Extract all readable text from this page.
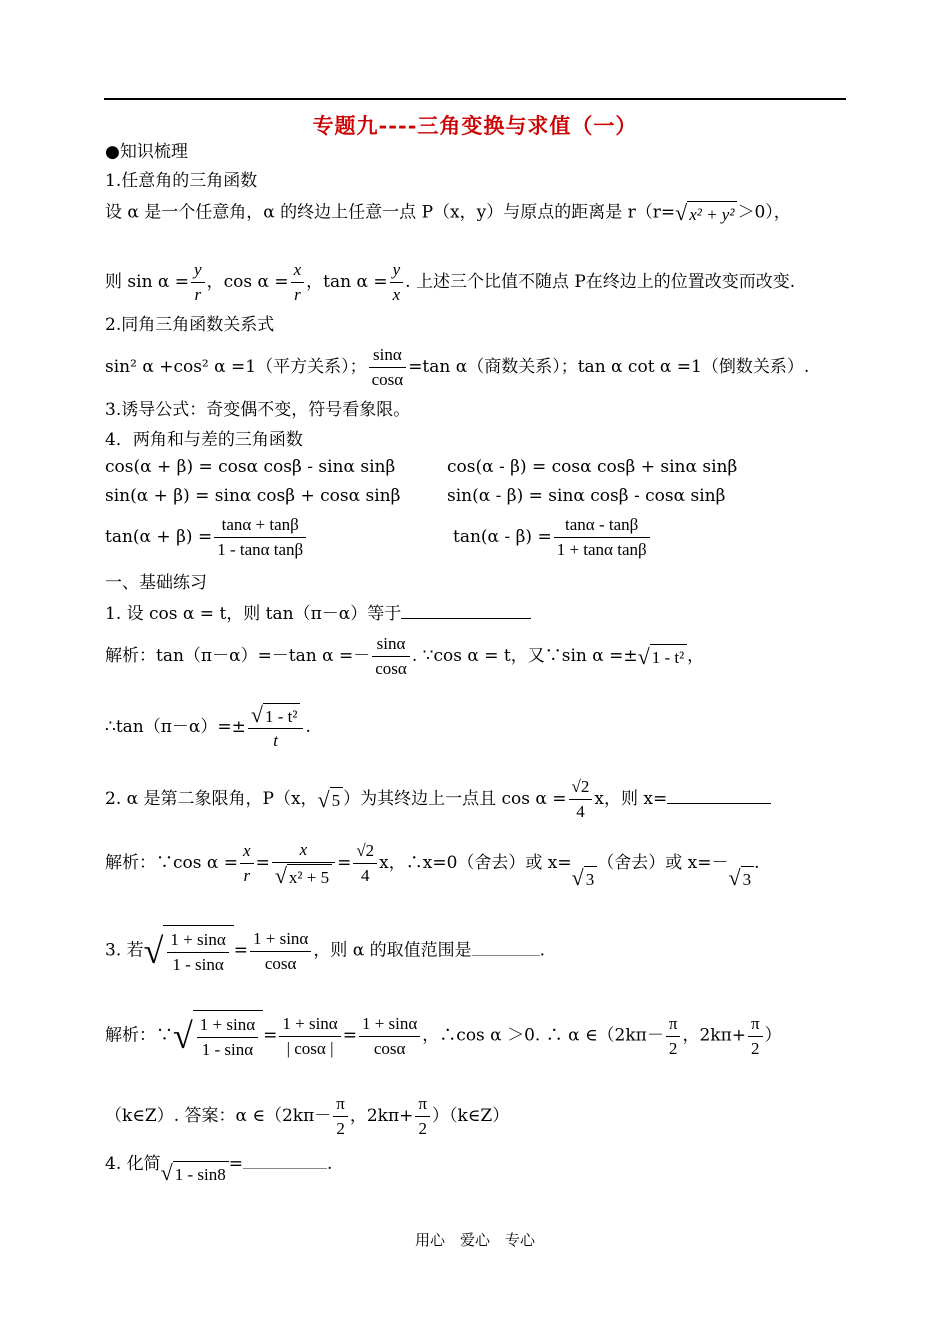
专题九----三角变换与求值（一）
●知识梳理
1.任意角的三角函数
设 α 是一个任意角，α 的终边上任意一点 P（x，y）与原点的距离是 r（r=√ x² + y² ＞0），
则 $\sin \alpha = \frac{y}{r}$ ，$\cos \alpha = \frac{x}{r}$ ，$\tan \alpha = \frac{y}{x}$ . 上述三个比值不随点 P在终边上的位置改变而改变.
2.同角三角函数关系式
sin² α +cos² α =1（平方关系）； $\frac{\sin\alpha}{\cos\alpha} =\tan$ α（商数关系）；tan α cot α =1（倒数关系）.
3.诱导公式：奇变偶不变，符号看象限。
4．两角和与差的三角函数
cos(α + β) = cosα cosβ - sinα sinβ	cos(α - β) = cosα cosβ + sinα sinβ
sin(α + β) = sinα cosβ + cosα sinβ	sin(α - β) = sinα cosβ - cosα sinβ
$\tan(\alpha + \beta) = \frac{\tan\alpha + \tan\beta}{\text{1 - tanα tanβ}}$	$\tan(\alpha - \beta) = \frac{\tan\alpha - \tan\beta}{\text{1 + tanα tanβ}}$
一、基础练习
1. 设 cos α = t，则 tan（π－α）等于
解析：tan（π－α）=－tan $\alpha =- \frac{\sin\alpha}{\cos\alpha}$ . ∵cos α = t，又∵sin α =±√ 1 - t² ，
∴tan（π－α）=± $\frac{\text{√ 1 - t²}}{t}$ .
2. α 是第二象限角，P（x，√ 5 ）为其终边上一点且 $\cos \alpha = \frac{√2}{4}$ x，则 x=
解析：∵cos $\alpha = \frac{x}{r} = \frac{x}{\text{√ x² + 5}} = \frac{√2}{4}$ x，∴x=0（舍去）或 x=√ 3（舍去）或 x=－√ 3.
3. 若√ $\frac{1 + \sin\alpha}{1 - \sin\alpha} = \frac{1 + \sin\alpha}{\cos\alpha}$ ，则 α 的取值范围是	.
解析：∵√ $\frac{1 + \sin\alpha}{1 - \sin\alpha} = \frac{1 + \sin\alpha}{| \cos\alpha |} = \frac{1 + \sin\alpha}{\cos\alpha}$ ，∴cos α ＞0. ∴ α ∈（2kπ－ $\frac{\pi}{2}$ ，$2k\pi+ \frac{\pi}{2}$ ）
（k∈Z）. 答案：α ∈（2kπ－ $\frac{\pi}{2}$ ，$2k\pi+ \frac{\pi}{2}$ ）（k∈Z）
4. 化简√ 1 - sin8=	.
用心　爱心　专心
